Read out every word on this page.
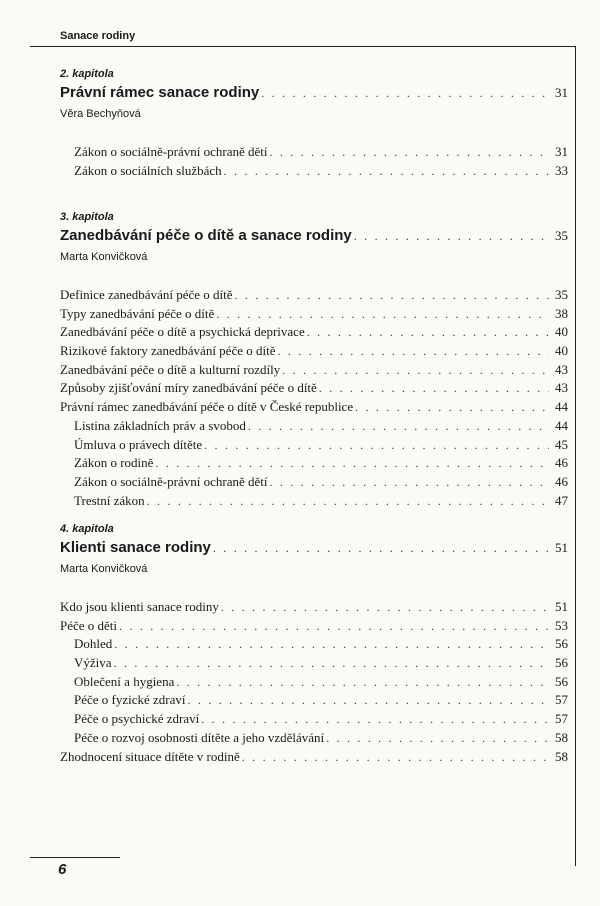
Sanace rodiny
2. kapitola
Právní rámec sanace rodiny . . .	31
Věra Bechyňová
Zákon o sociálně-právní ochraně dětí . . .	31
Zákon o sociálních službách . . .	33
3. kapitola
Zanedbávání péče o dítě a sanace rodiny . . .	35
Marta Konvičková
Definice zanedbávání péče o dítě . . .	35
Typy zanedbávání péče o dítě . . .	38
Zanedbávání péče o dítě a psychická deprivace . . .	40
Rizikové faktory zanedbávání péče o dítě . . .	40
Zanedbávání péče o dítě a kulturní rozdíly . . .	43
Způsoby zjišťování míry zanedbávání péče o dítě . . .	43
Právní rámec zanedbávání péče o dítě v České republice . . .	44
Listina základních práv a svobod . . .	44
Úmluva o právech dítěte . . .	45
Zákon o rodině . . .	46
Zákon o sociálně-právní ochraně dětí . . .	46
Trestní zákon . . .	47
4. kapitola
Klienti sanace rodiny . . .	51
Marta Konvičková
Kdo jsou klienti sanace rodiny . . .	51
Péče o děti . . .	53
Dohled . . .	56
Výživa . . .	56
Oblečení a hygiena . . .	56
Péče o fyzické zdraví . . .	57
Péče o psychické zdraví . . .	57
Péče o rozvoj osobnosti dítěte a jeho vzdělávání . . .	58
Zhodnocení situace dítěte v rodině . . .	58
6
